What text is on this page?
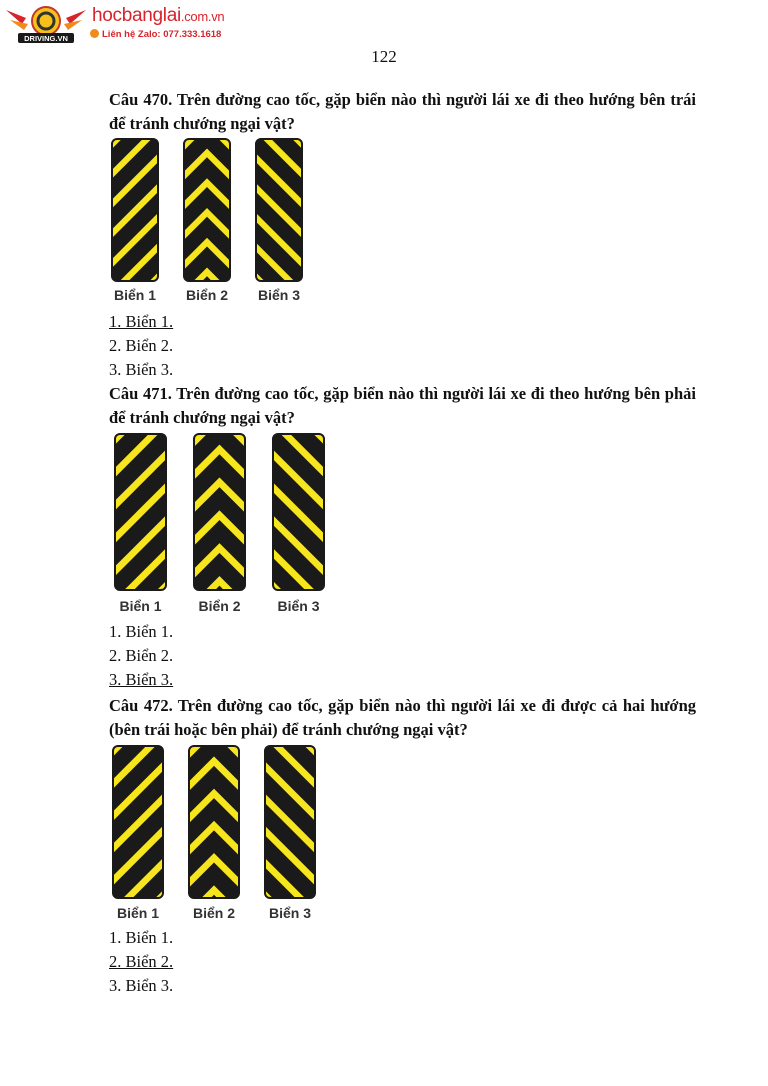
DRIVING.VN
hocbanglai.com.vn
Liên hệ Zalo: 077.333.1618
122
Câu 470. Trên đường cao tốc, gặp biển nào thì người lái xe đi theo hướng bên trái để tránh chướng ngại vật?
Biển 1	Biển 2	Biển 3
1. Biển 1.
2. Biển 2.
3. Biển 3.
Câu 471. Trên đường cao tốc, gặp biển nào thì người lái xe đi theo hướng bên phải để tránh chướng ngại vật?
Biển 1	Biển 2	Biển 3
1. Biển 1.
2. Biển 2.
3. Biển 3.
Câu 472. Trên đường cao tốc, gặp biển nào thì người lái xe đi được cả hai hướng (bên trái hoặc bên phải) để tránh chướng ngại vật?
Biển 1	Biển 2	Biển 3
1. Biển 1.
2. Biển 2.
3. Biển 3.
